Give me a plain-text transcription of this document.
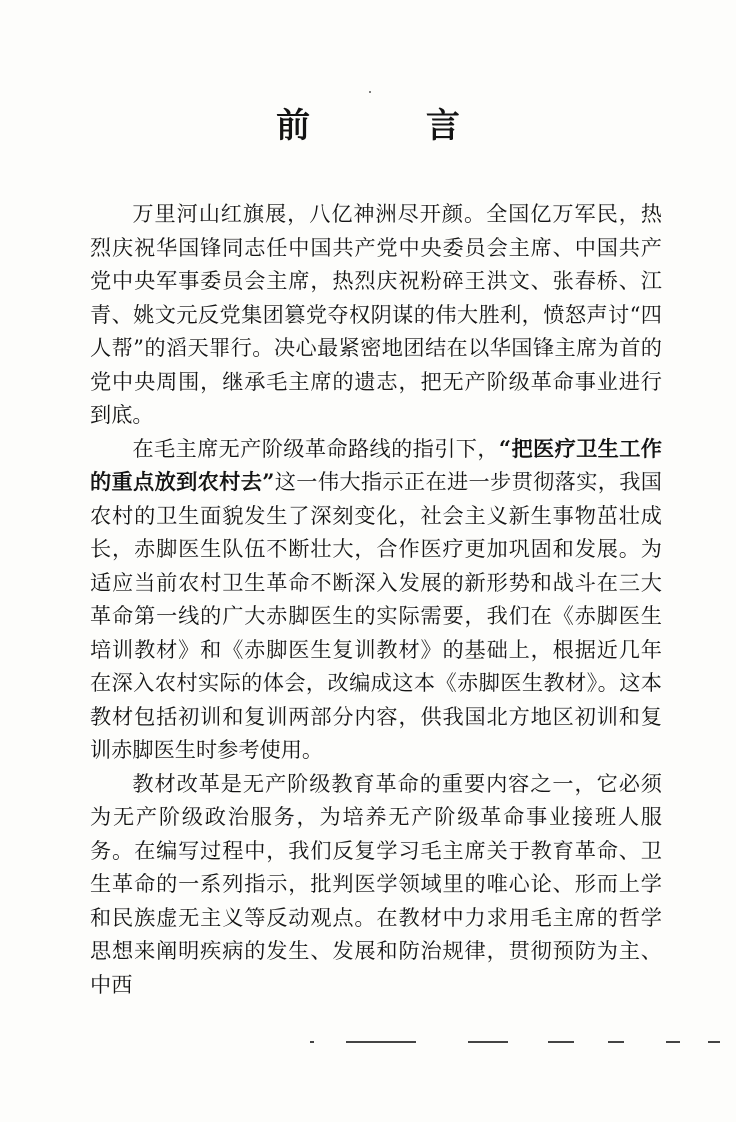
前 言

万里河山红旗展，八亿神洲尽开颜。全国亿万军民，热烈庆祝华国锋同志任中国共产党中央委员会主席、中国共产党中央军事委员会主席，热烈庆祝粉碎王洪文、张春桥、江青、姚文元反党集团篡党夺权阴谋的伟大胜利，愤怒声讨“四人帮”的滔天罪行。决心最紧密地团结在以华国锋主席为首的党中央周围，继承毛主席的遗志，把无产阶级革命事业进行到底。

在毛主席无产阶级革命路线的指引下，“把医疗卫生工作的重点放到农村去”这一伟大指示正在进一步贯彻落实，我国农村的卫生面貌发生了深刻变化，社会主义新生事物茁壮成长，赤脚医生队伍不断壮大，合作医疗更加巩固和发展。为适应当前农村卫生革命不断深入发展的新形势和战斗在三大革命第一线的广大赤脚医生的实际需要，我们在《赤脚医生培训教材》和《赤脚医生复训教材》的基础上，根据近几年在深入农村实际的体会，改编成这本《赤脚医生教材》。这本教材包括初训和复训两部分内容，供我国北方地区初训和复训赤脚医生时参考使用。

教材改革是无产阶级教育革命的重要内容之一，它必须为无产阶级政治服务，为培养无产阶级革命事业接班人服务。在编写过程中，我们反复学习毛主席关于教育革命、卫生革命的一系列指示，批判医学领域里的唯心论、形而上学和民族虚无主义等反动观点。在教材中力求用毛主席的哲学思想来阐明疾病的发生、发展和防治规律，贯彻预防为主、中西
